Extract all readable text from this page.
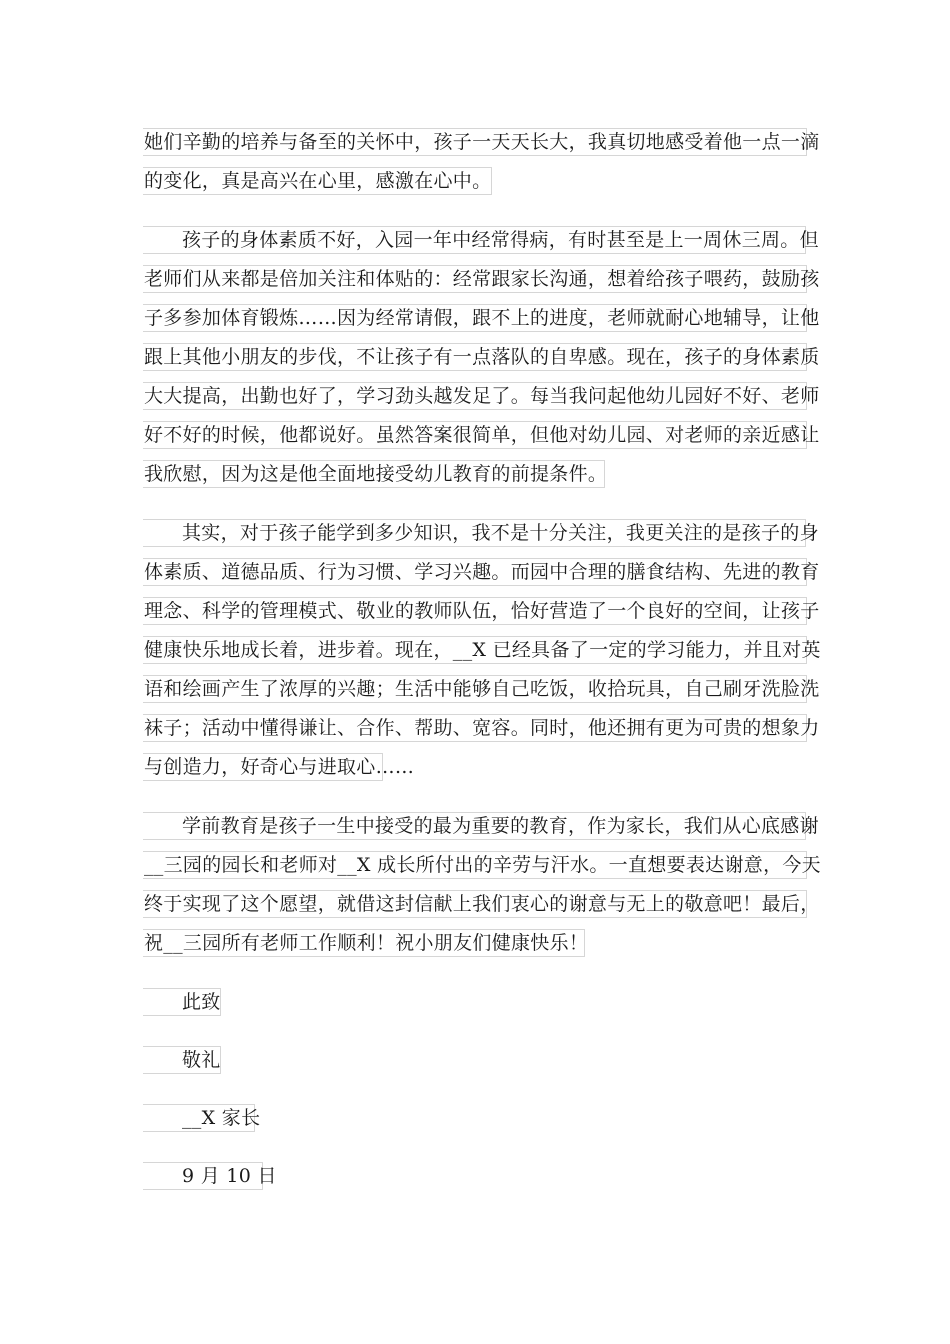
她们辛勤的培养与备至的关怀中，孩子一天天长大，我真切地感受着他一点一滴
的变化，真是高兴在心里，感激在心中。
孩子的身体素质不好，入园一年中经常得病，有时甚至是上一周休三周。但
老师们从来都是倍加关注和体贴的：经常跟家长沟通，想着给孩子喂药，鼓励孩
子多参加体育锻炼……因为经常请假，跟不上的进度，老师就耐心地辅导，让他
跟上其他小朋友的步伐，不让孩子有一点落队的自卑感。现在，孩子的身体素质
大大提高，出勤也好了，学习劲头越发足了。每当我问起他幼儿园好不好、老师
好不好的时候，他都说好。虽然答案很简单，但他对幼儿园、对老师的亲近感让
我欣慰，因为这是他全面地接受幼儿教育的前提条件。
其实，对于孩子能学到多少知识，我不是十分关注，我更关注的是孩子的身
体素质、道德品质、行为习惯、学习兴趣。而园中合理的膳食结构、先进的教育
理念、科学的管理模式、敬业的教师队伍，恰好营造了一个良好的空间，让孩子
健康快乐地成长着，进步着。现在，__X 已经具备了一定的学习能力，并且对英
语和绘画产生了浓厚的兴趣；生活中能够自己吃饭，收拾玩具，自己刷牙洗脸洗
袜子；活动中懂得谦让、合作、帮助、宽容。同时，他还拥有更为可贵的想象力
与创造力，好奇心与进取心……
学前教育是孩子一生中接受的最为重要的教育，作为家长，我们从心底感谢
__三园的园长和老师对__X 成长所付出的辛劳与汗水。一直想要表达谢意，今天
终于实现了这个愿望，就借这封信献上我们衷心的谢意与无上的敬意吧！最后，
祝__三园所有老师工作顺利！祝小朋友们健康快乐！
此致
敬礼
__X 家长
9 月 10 日
